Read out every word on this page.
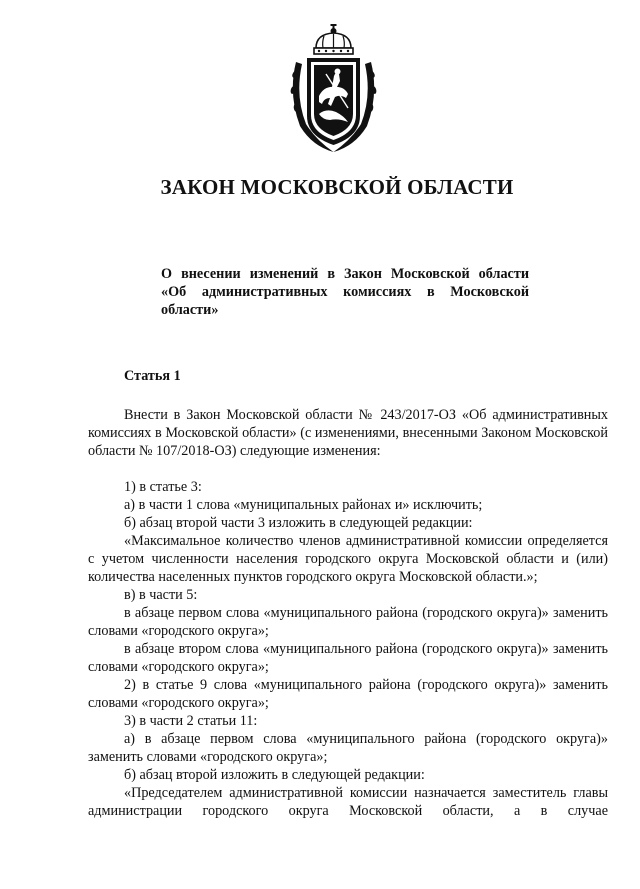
ЗАКОН МОСКОВСКОЙ ОБЛАСТИ
О внесении изменений в Закон Московской области
«Об административных комиссиях в Московской
области»
Статья 1

Внести в Закон Московской области № 243/2017-ОЗ «Об административных комиссиях в Московской области» (с изменениями, внесенными Законом Московской области № 107/2018-ОЗ) следующие изменения:

1) в статье 3:

а) в части 1 слова «муниципальных районах и» исключить;

б) абзац второй части 3 изложить в следующей редакции:

«Максимальное количество членов административной комиссии определяется с учетом численности населения городского округа Московской области и (или) количества населенных пунктов городского округа Московской области.»;

в) в части 5:

в абзаце первом слова «муниципального района (городского округа)» заменить словами «городского округа»;

в абзаце втором слова «муниципального района (городского округа)» заменить словами «городского округа»;

2) в статье 9 слова «муниципального района (городского округа)» заменить словами «городского округа»;

3) в части 2 статьи 11:

а) в абзаце первом слова «муниципального района (городского округа)» заменить словами «городского округа»;

б) абзац второй изложить в следующей редакции:

«Председателем административной комиссии назначается заместитель главы администрации городского округа Московской области, а в случае
